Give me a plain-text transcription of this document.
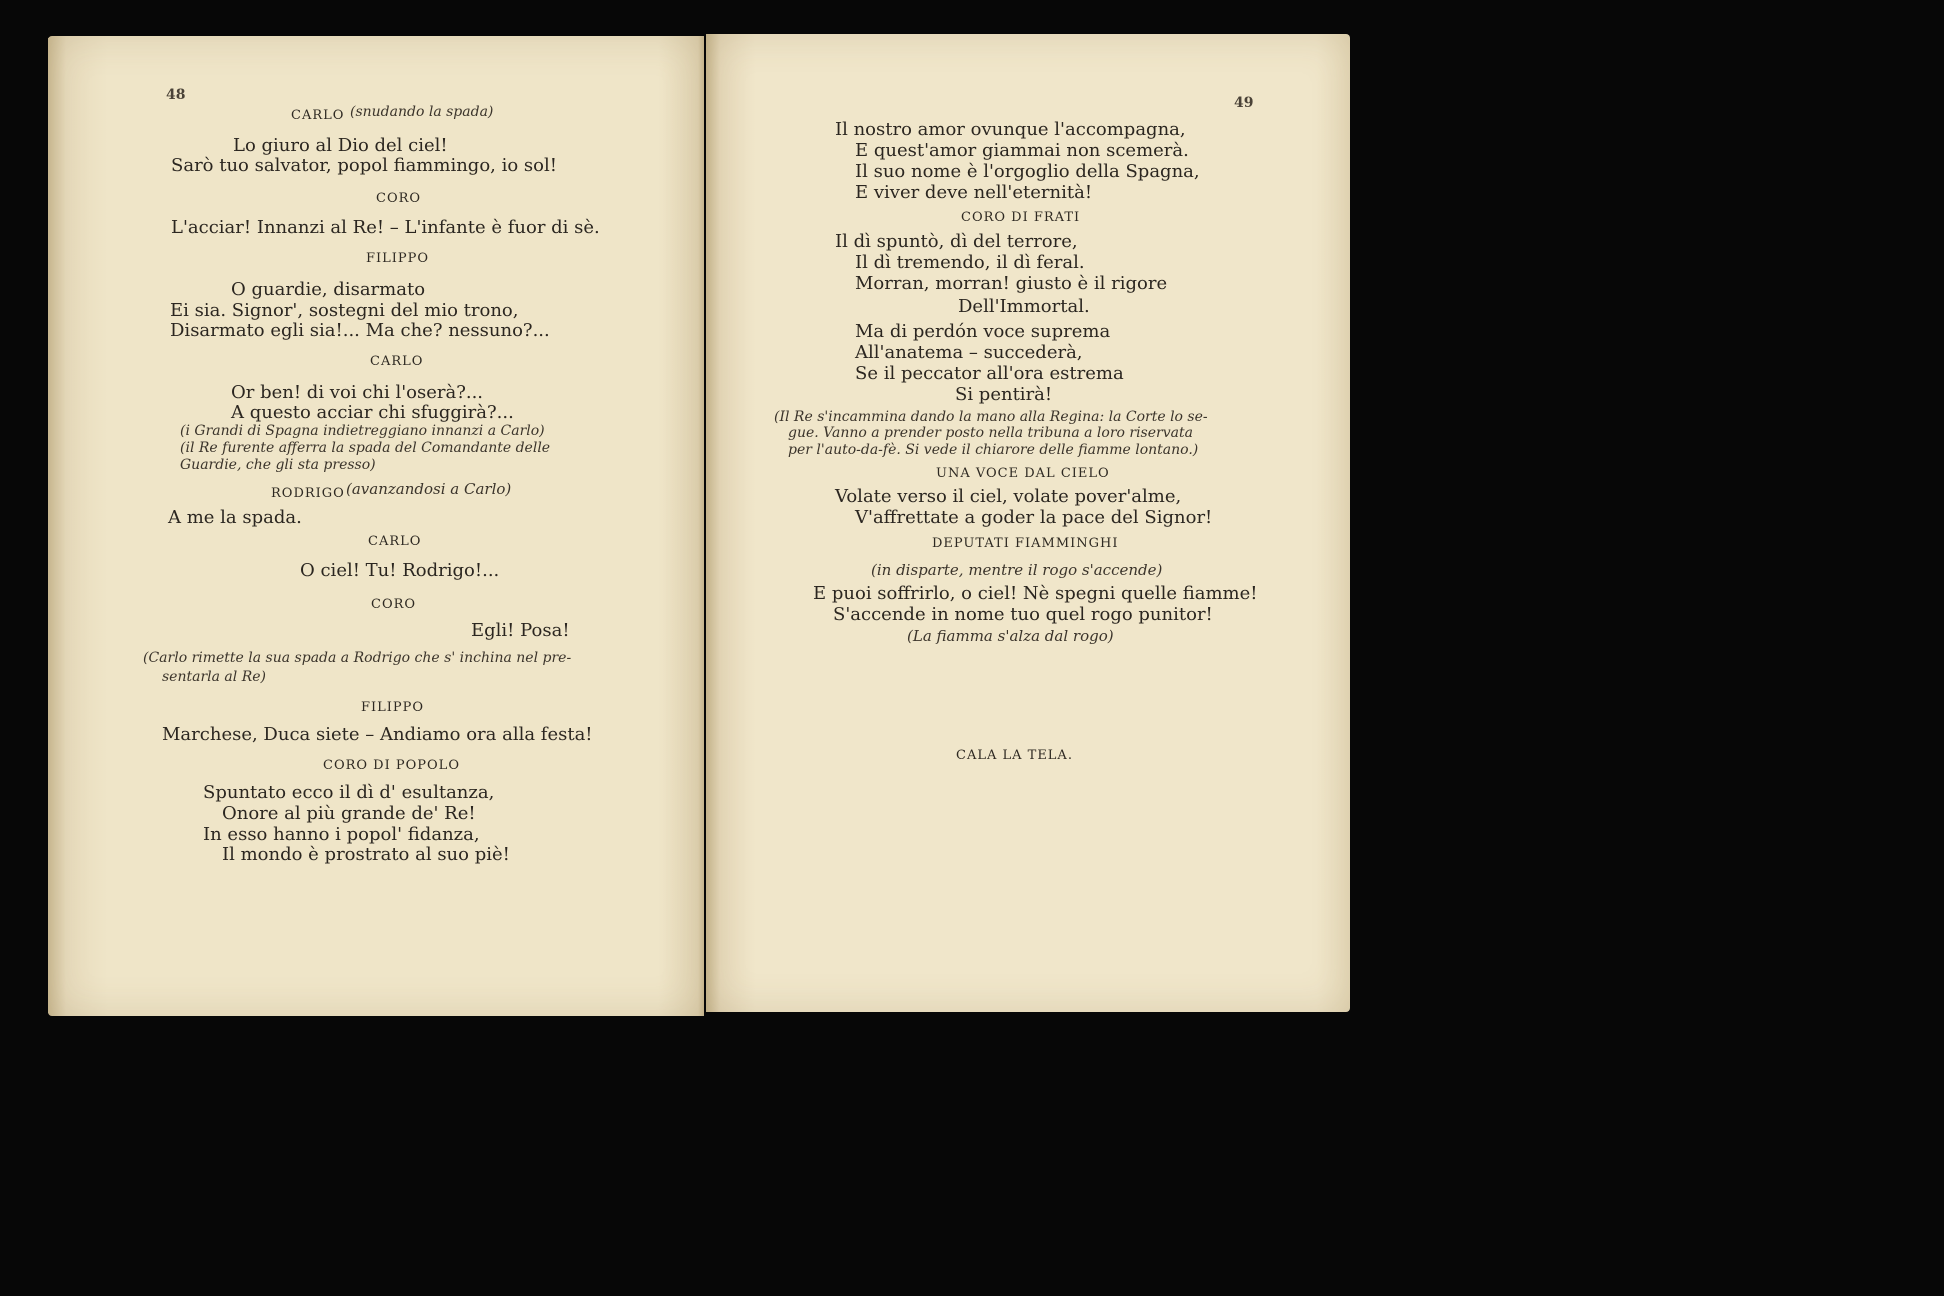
48
CARLO (snudando la spada)
Lo giuro al Dio del ciel!
Sarò tuo salvator, popol fiammingo, io sol!
CORO
L'acciar! Innanzi al Re! – L'infante è fuor di sè.
FILIPPO
O guardie, disarmato
Ei sia. Signor', sostegni del mio trono,
Disarmato egli sia!... Ma che? nessuno?...
CARLO
Or ben! di voi chi l'oserà?...
A questo acciar chi sfuggirà?...
(i Grandi di Spagna indietreggiano innanzi a Carlo)
(il Re furente afferra la spada del Comandante delle
Guardie, che gli sta presso)
RODRIGO (avanzandosi a Carlo)
A me la spada.
CARLO
O ciel! Tu! Rodrigo!...
CORO
Egli! Posa!
(Carlo rimette la sua spada a Rodrigo che s' inchina nel pre-
sentarla al Re)
FILIPPO
Marchese, Duca siete – Andiamo ora alla festa!
CORO DI POPOLO
Spuntato ecco il dì d' esultanza,
Onore al più grande de' Re!
In esso hanno i popol' fidanza,
Il mondo è prostrato al suo piè!
49
Il nostro amor ovunque l'accompagna,
E quest'amor giammai non scemerà.
Il suo nome è l'orgoglio della Spagna,
E viver deve nell'eternità!
CORO DI FRATI
Il dì spuntò, dì del terrore,
Il dì tremendo, il dì feral.
Morran, morran! giusto è il rigore
Dell'Immortal.
Ma di perdón voce suprema
All'anatema – succederà,
Se il peccator all'ora estrema
Si pentirà!
(Il Re s'incammina dando la mano alla Regina: la Corte lo se-
gue. Vanno a prender posto nella tribuna a loro riservata
per l'auto-da-fè. Si vede il chiarore delle fiamme lontano.)
UNA VOCE DAL CIELO
Volate verso il ciel, volate pover'alme,
V'affrettate a goder la pace del Signor!
DEPUTATI FIAMMINGHI
(in disparte, mentre il rogo s'accende)
E puoi soffrirlo, o ciel! Nè spegni quelle fiamme!
S'accende in nome tuo quel rogo punitor!
(La fiamma s'alza dal rogo)
CALA LA TELA.
